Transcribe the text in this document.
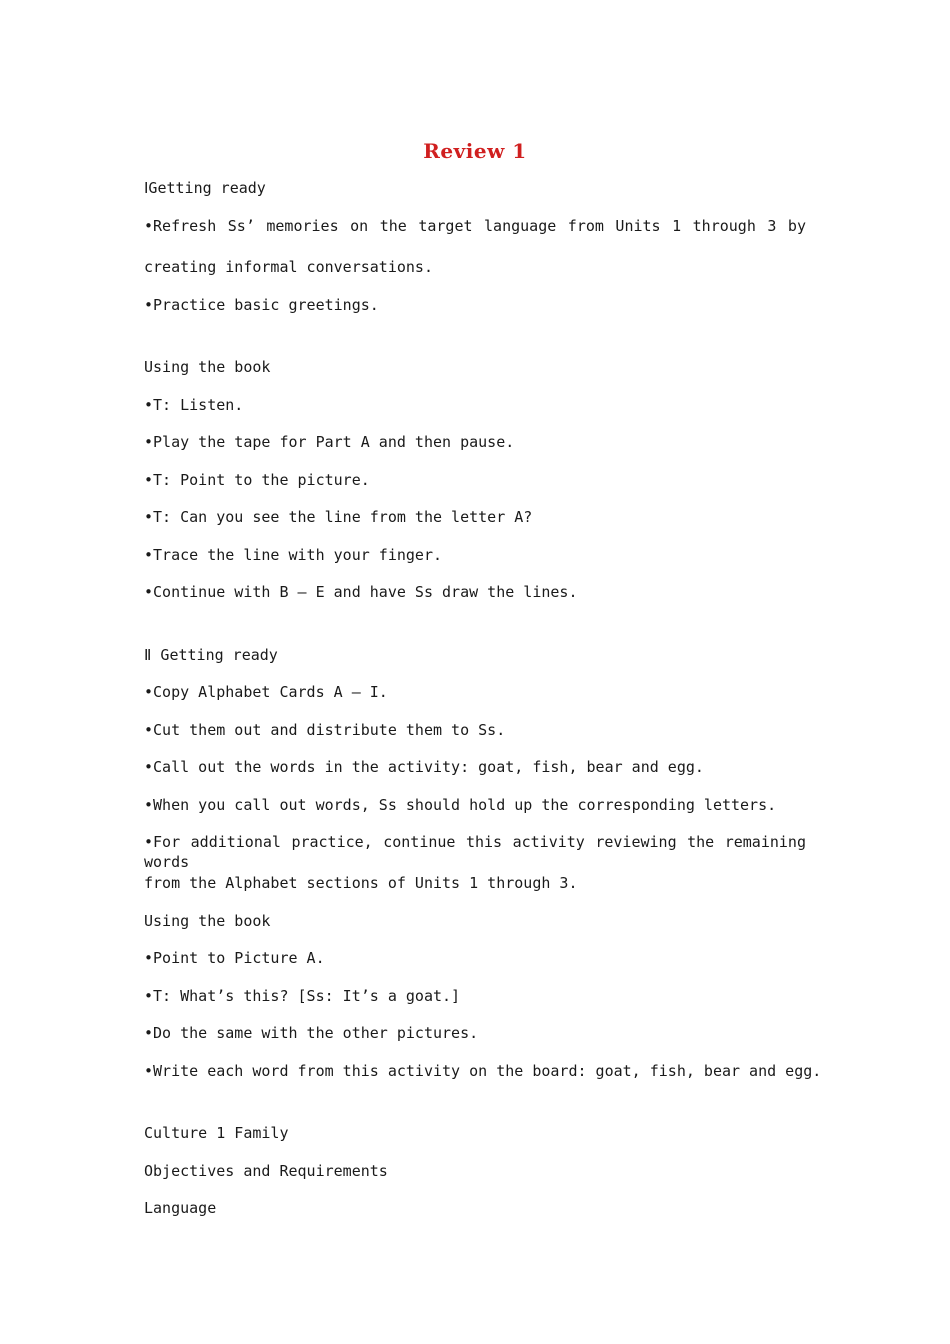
Review 1
ⅠGetting ready
•Refresh Ss’ memories on the target language from Units 1 through 3 by
creating informal conversations.
•Practice basic greetings.
Using the book
•T: Listen.
•Play the tape for Part A and then pause.
•T: Point to the picture.
•T: Can you see the line from the letter A?
•Trace the line with your finger.
•Continue with B – E and have Ss draw the lines.
Ⅱ Getting ready
•Copy Alphabet Cards A – I.
•Cut them out and distribute them to Ss.
•Call out the words in the activity: goat, fish, bear and egg.
•When you call out words, Ss should hold up the corresponding letters.
•For additional practice, continue this activity reviewing the remaining words
from the Alphabet sections of Units 1 through 3.
Using the book
•Point to Picture A.
•T: What’s this? [Ss: It’s a goat.]
•Do the same with the other pictures.
•Write each word from this activity on the board: goat, fish, bear and egg.
Culture 1 Family
Objectives and Requirements
Language
